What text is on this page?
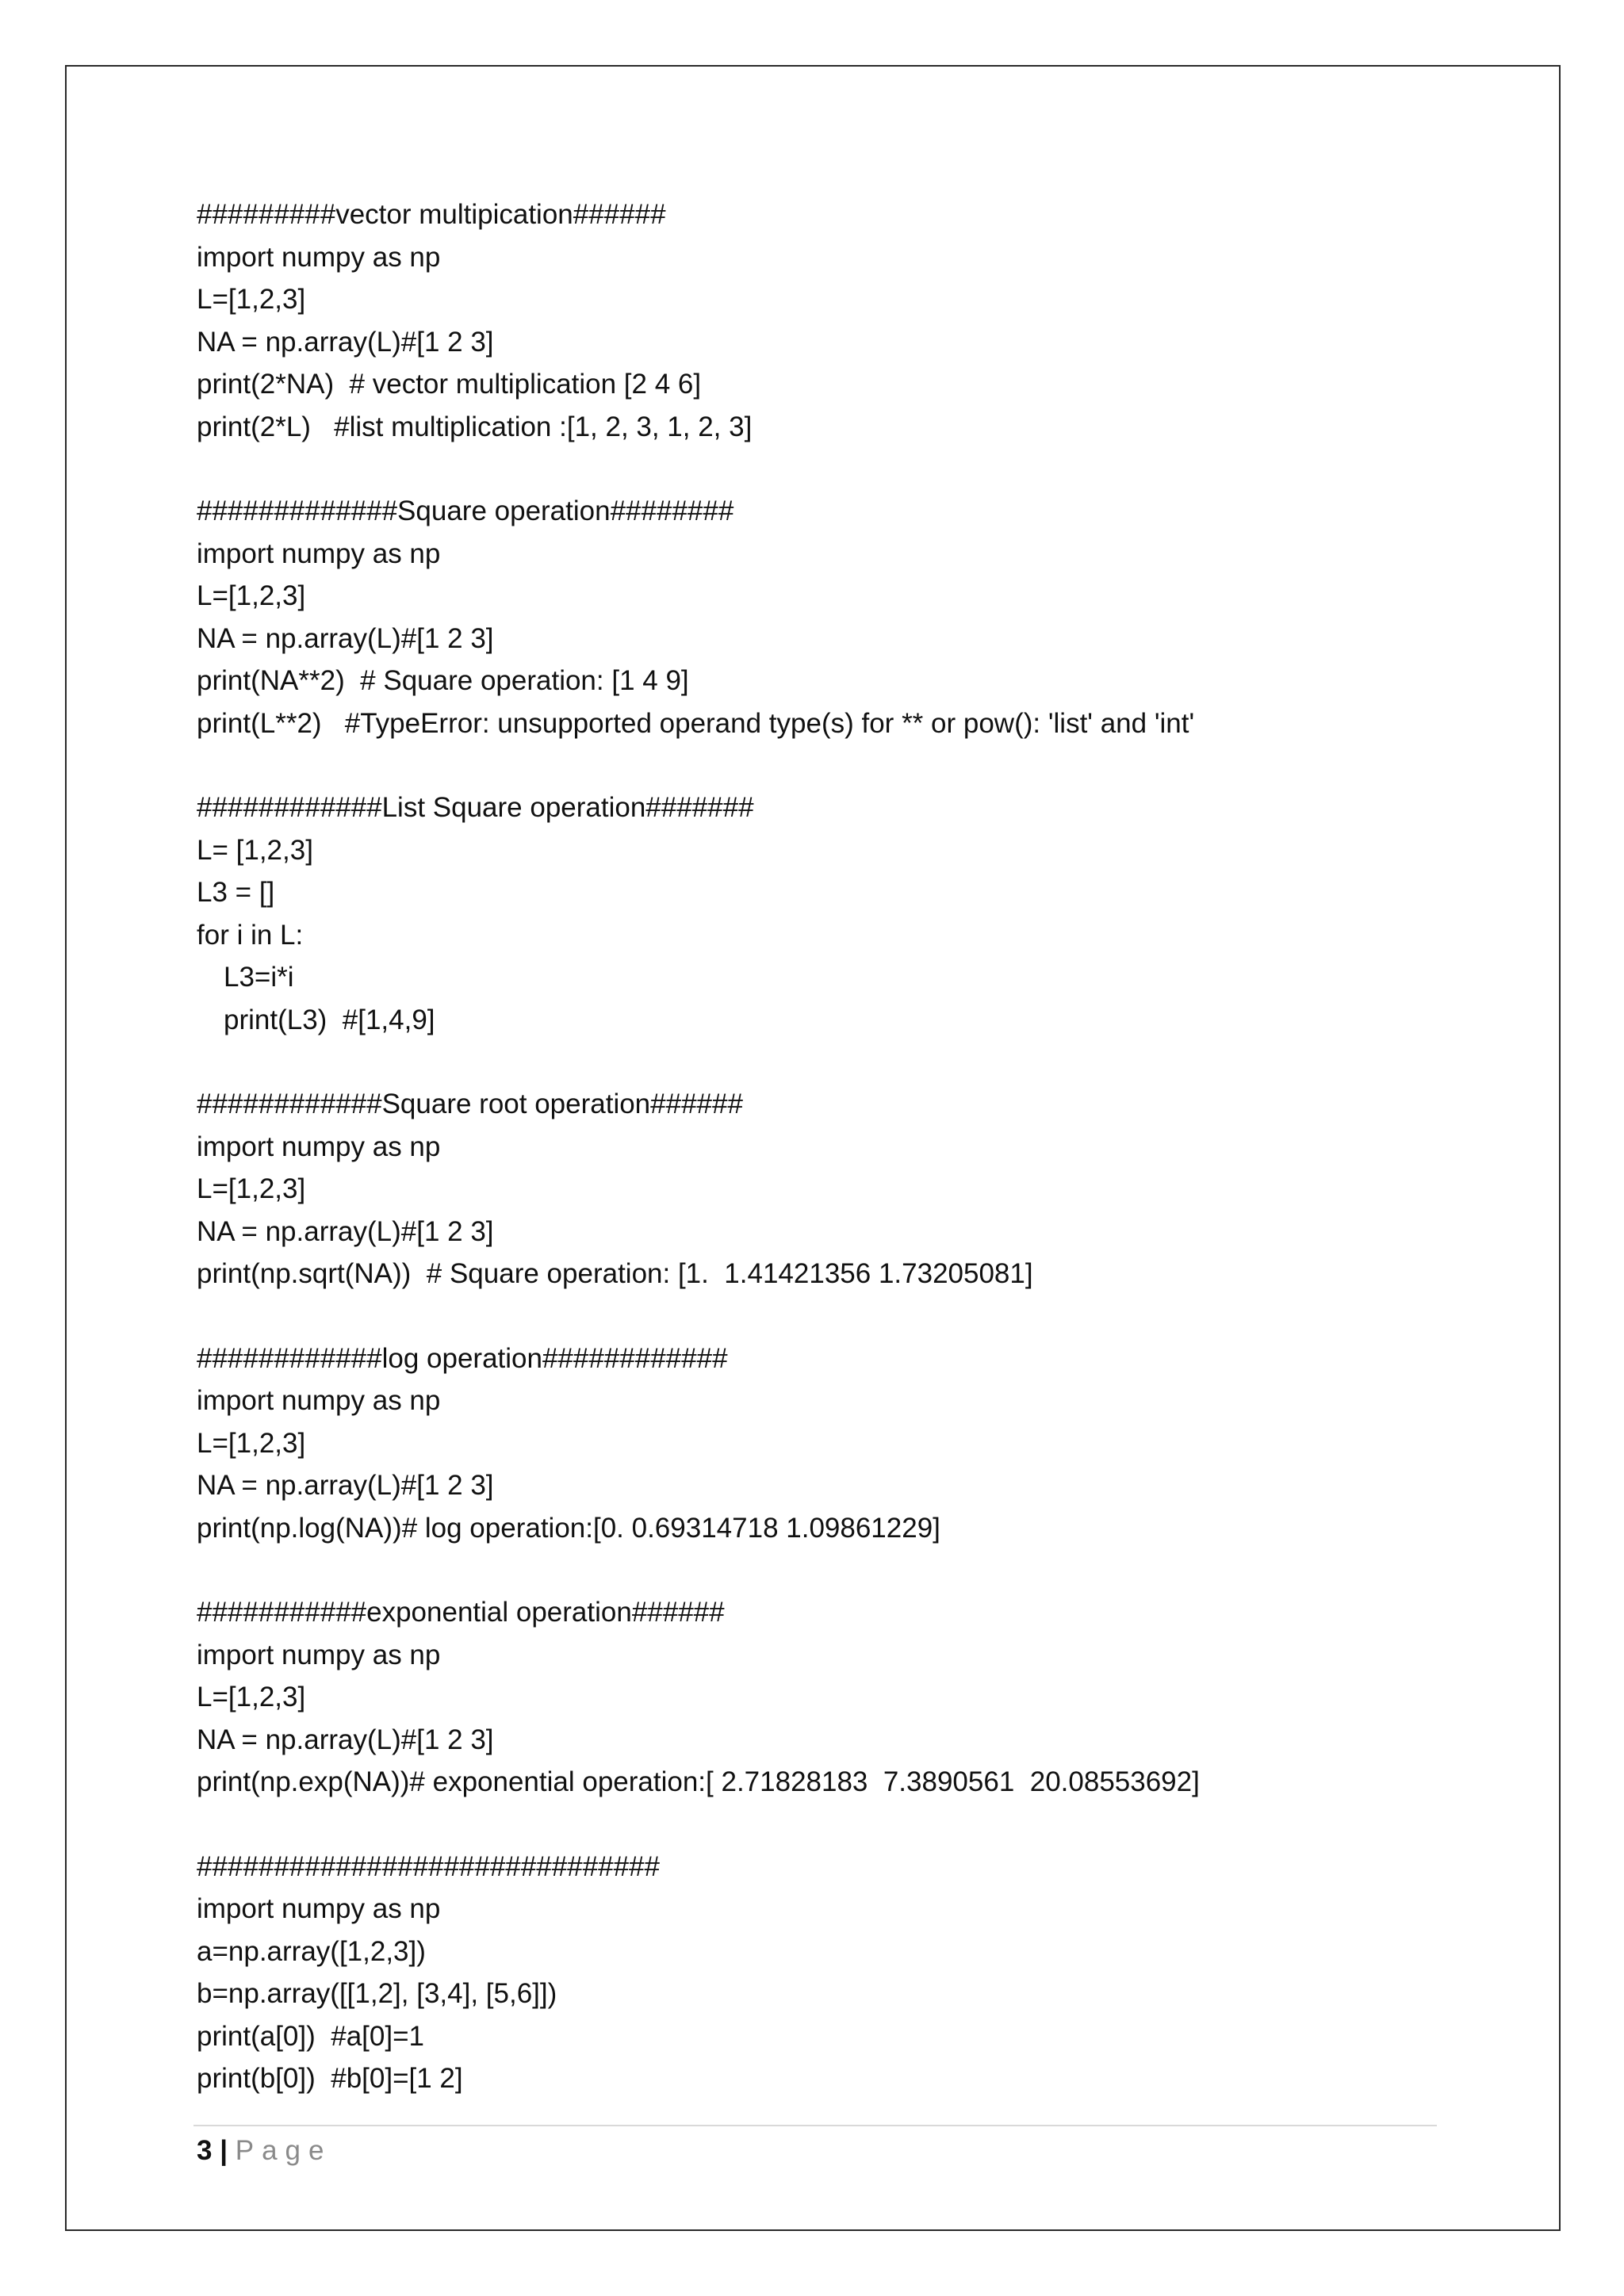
#########vector multipication######
import numpy as np
L=[1,2,3]
NA = np.array(L)#[1 2 3]
print(2*NA)  # vector multiplication [2 4 6]
print(2*L)   #list multiplication :[1, 2, 3, 1, 2, 3]
#############Square operation########
import numpy as np
L=[1,2,3]
NA = np.array(L)#[1 2 3]
print(NA**2)  # Square operation: [1 4 9]
print(L**2)   #TypeError: unsupported operand type(s) for ** or pow(): 'list' and 'int'
############List Square operation#######
L= [1,2,3]
L3 = []
for i in L:
L3=i*i
print(L3)  #[1,4,9]
############Square root operation######
import numpy as np
L=[1,2,3]
NA = np.array(L)#[1 2 3]
print(np.sqrt(NA))  # Square operation: [1.  1.41421356 1.73205081]
############log operation############
import numpy as np
L=[1,2,3]
NA = np.array(L)#[1 2 3]
print(np.log(NA))# log operation:[0. 0.69314718 1.09861229]
###########exponential operation######
import numpy as np
L=[1,2,3]
NA = np.array(L)#[1 2 3]
print(np.exp(NA))# exponential operation:[ 2.71828183  7.3890561  20.08553692]
##############################
import numpy as np
a=np.array([1,2,3])
b=np.array([[1,2], [3,4], [5,6]])
print(a[0])  #a[0]=1
print(b[0])  #b[0]=[1 2]
3 | Page
